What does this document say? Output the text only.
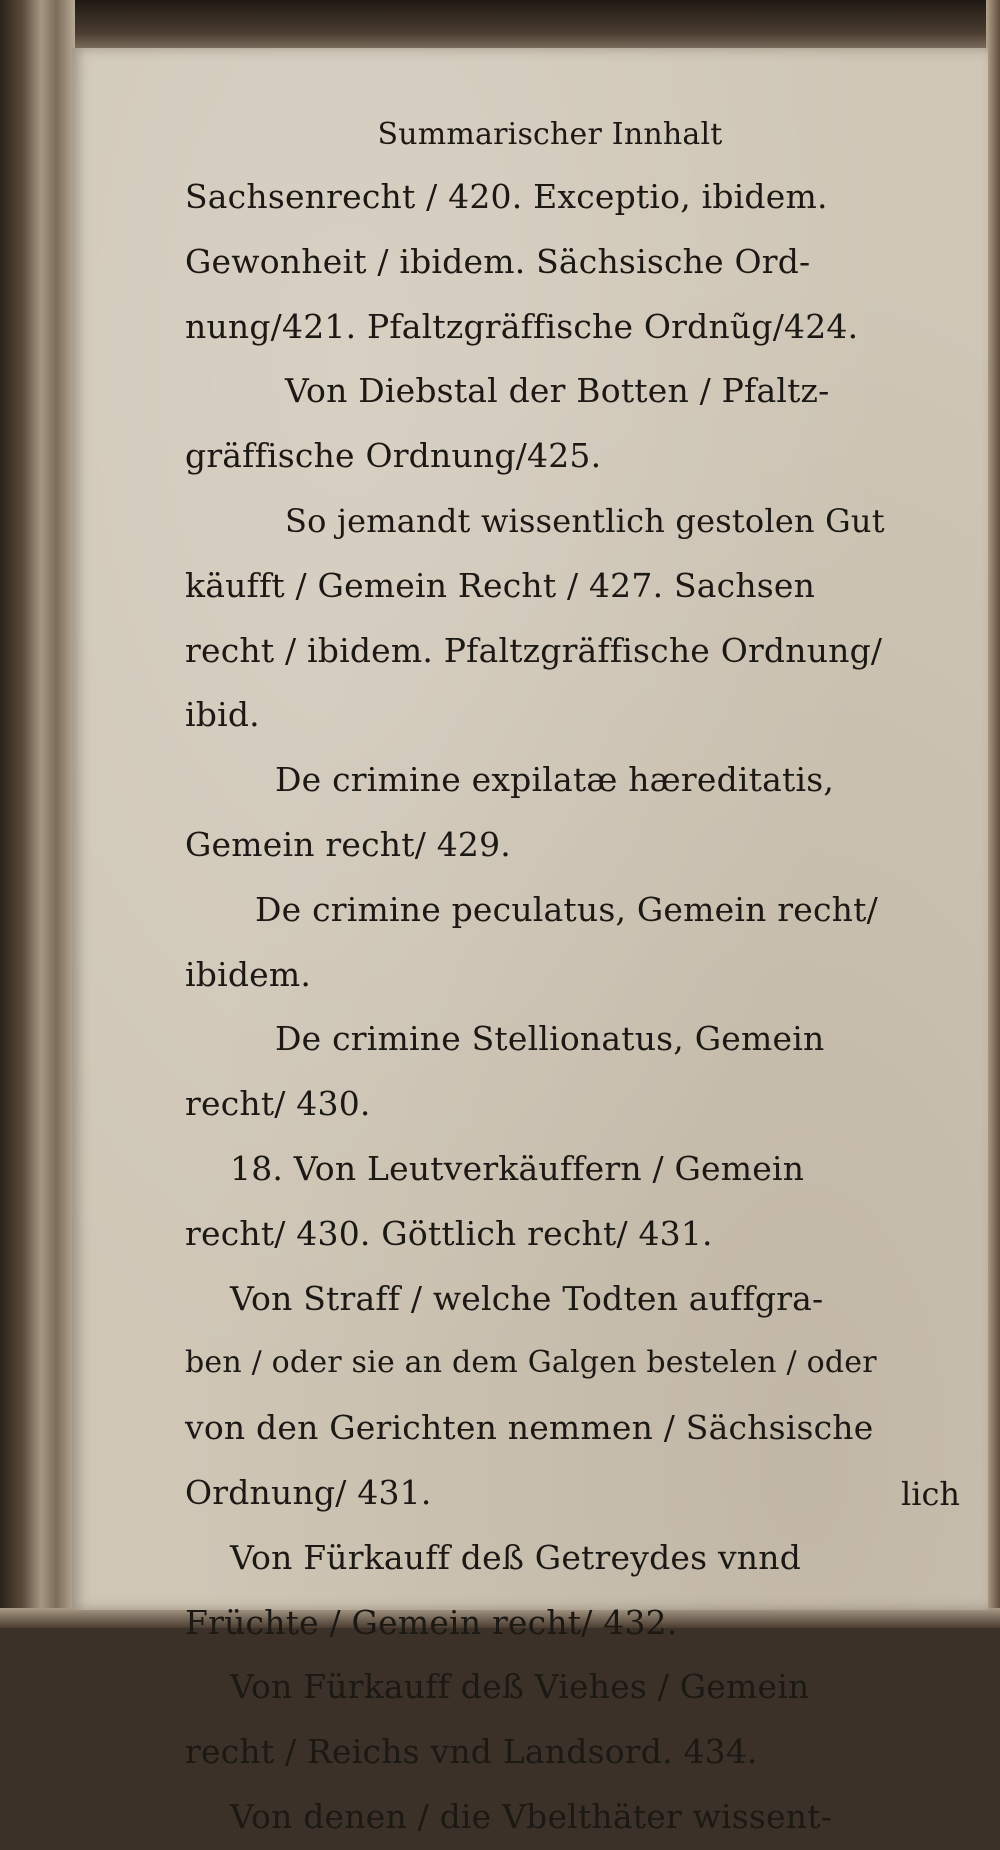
Summarischer Innhalt
Sachsenrecht / 420. Exceptio, ibidem.
Gewonheit / ibidem. Sächsische Ord-
nung/421. Pfaltzgräffische Ordnũg/424.
Von Diebstal der Botten / Pfaltz-
gräffische Ordnung/425.
So jemandt wissentlich gestolen Gut
käufft / Gemein Recht / 427. Sachsen
recht / ibidem. Pfaltzgräffische Ordnung/
ibid.
De crimine expilatæ hæreditatis,
Gemein recht/ 429.
De crimine peculatus, Gemein recht/
ibidem.
De crimine Stellionatus, Gemein
recht/ 430.
18. Von Leutverkäuffern / Gemein
recht/ 430. Göttlich recht/ 431.
Von Straff / welche Todten auffgra-
ben / oder sie an dem Galgen bestelen / oder
von den Gerichten nemmen / Sächsische
Ordnung/ 431.
Von Fürkauff deß Getreydes vnnd
Früchte / Gemein recht/ 432.
Von Fürkauff deß Viehes / Gemein
recht / Reichs vnd Landsord. 434.
Von denen / die Vbelthäter wissent-
lich
